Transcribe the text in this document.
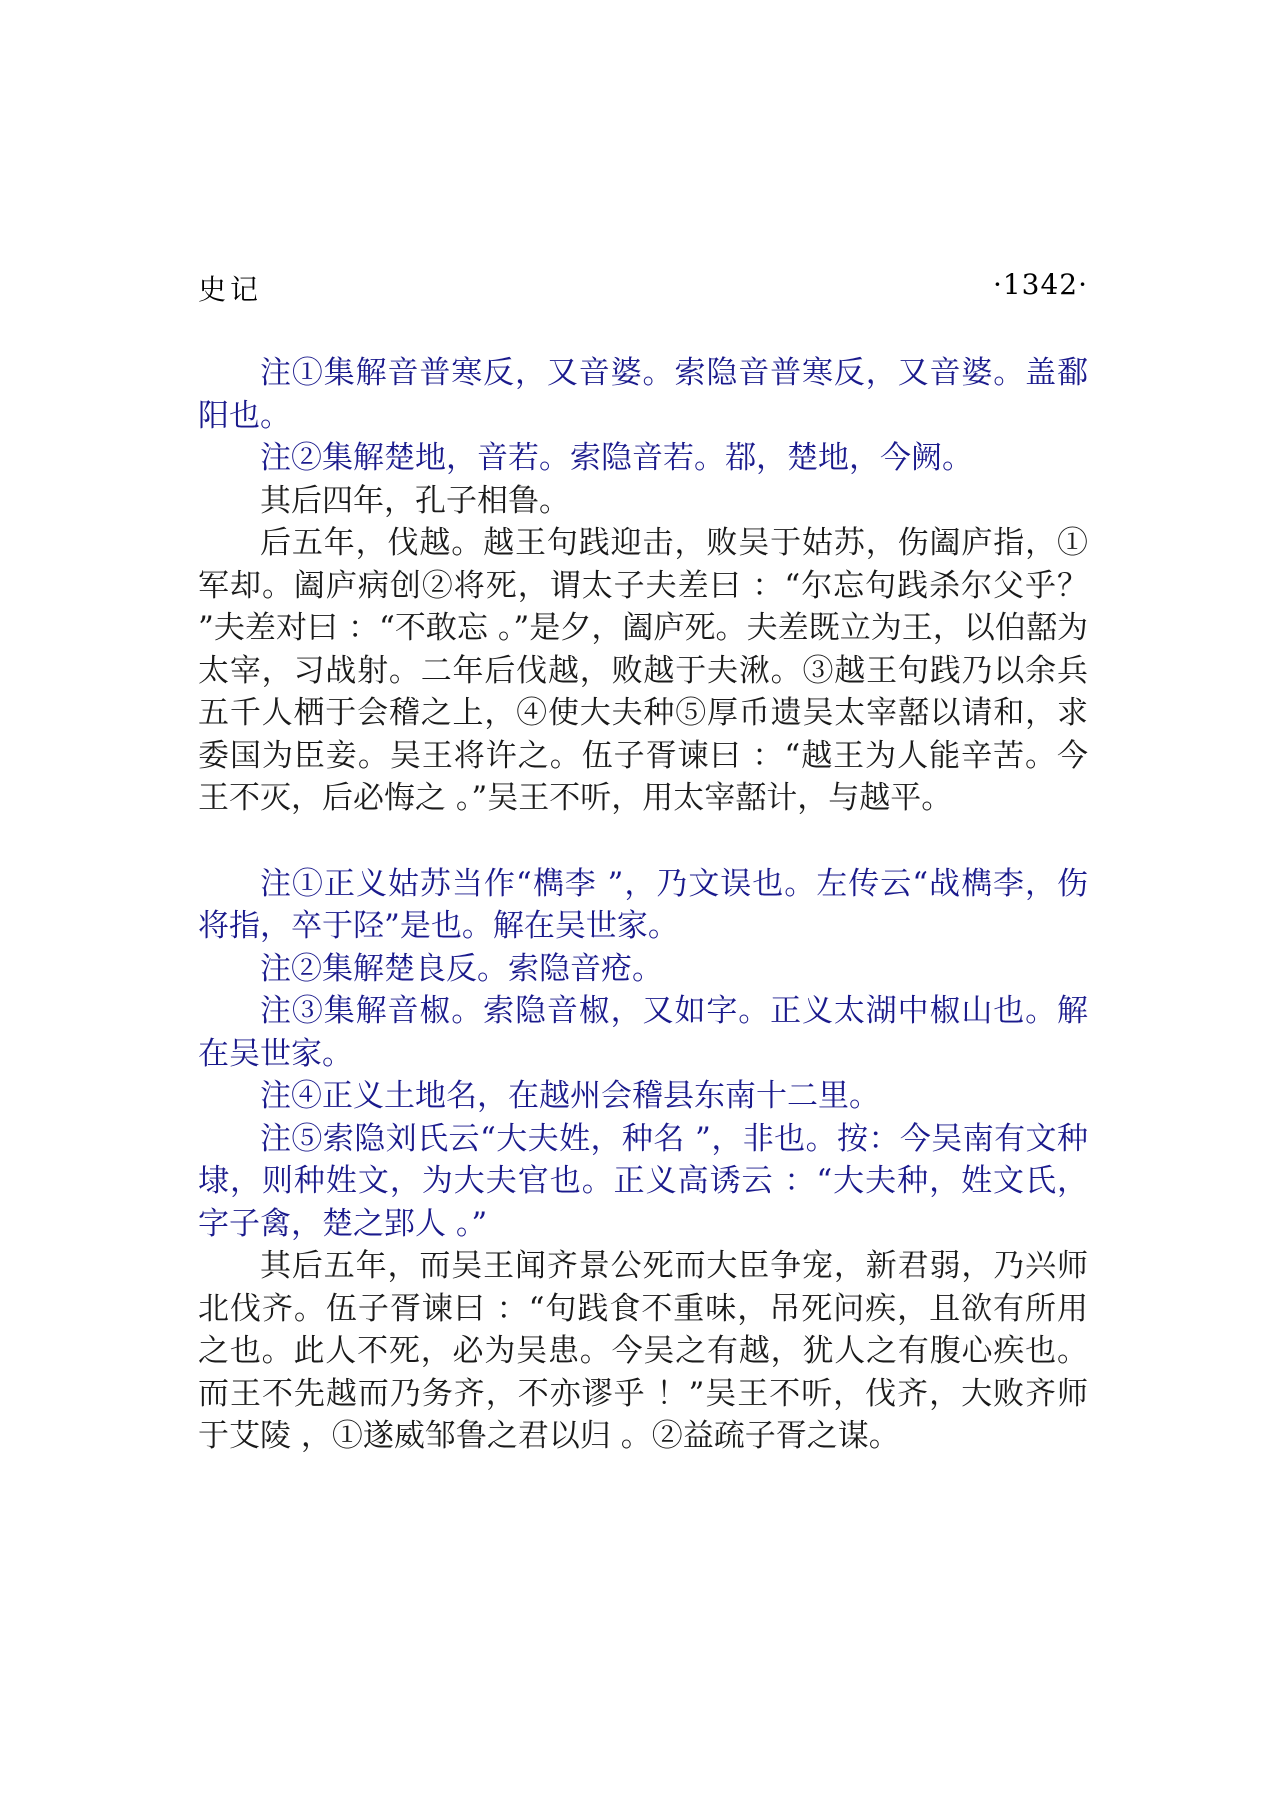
史记	·1342·

注①集解音普寒反，又音婆。索隐音普寒反，又音婆。盖鄱阳也。

注②集解楚地，音若。索隐音若。鄀，楚地，今阙。

其后四年，孔子相鲁。

后五年，伐越。越王句践迎击，败吴于姑苏，伤阖庐指，①军却。阖庐病创②将死，谓太子夫差曰 ：“尔忘句践杀尔父乎？ ”夫差对曰 ：“不敢忘 。”是夕，阖庐死。夫差既立为王，以伯嚭为太宰，习战射。二年后伐越，败越于夫湫。③越王句践乃以余兵五千人栖于会稽之上，④使大夫种⑤厚币遗吴太宰嚭以请和，求委国为臣妾。吴王将许之。伍子胥谏曰 ：“越王为人能辛苦。今王不灭，后必悔之 。”吴王不听，用太宰嚭计，与越平。

注①正义姑苏当作“檇李 ”，乃文误也。左传云“战檇李，伤将指，卒于陉”是也。解在吴世家。

注②集解楚良反。索隐音疮。

注③集解音椒。索隐音椒，又如字。正义太湖中椒山也。解在吴世家。

注④正义土地名，在越州会稽县东南十二里。

注⑤索隐刘氏云“大夫姓，种名 ”，非也。按：今吴南有文种埭，则种姓文，为大夫官也。正义高诱云 ：“大夫种，姓文氏，字子禽，楚之郢人 。”

其后五年，而吴王闻齐景公死而大臣争宠，新君弱，乃兴师北伐齐。伍子胥谏曰 ：“句践食不重味，吊死问疾，且欲有所用之也。此人不死，必为吴患。今吴之有越，犹人之有腹心疾也。而王不先越而乃务齐，不亦谬乎 ！”吴王不听，伐齐，大败齐师于艾陵 ，①遂威邹鲁之君以归 。②益疏子胥之谋。
